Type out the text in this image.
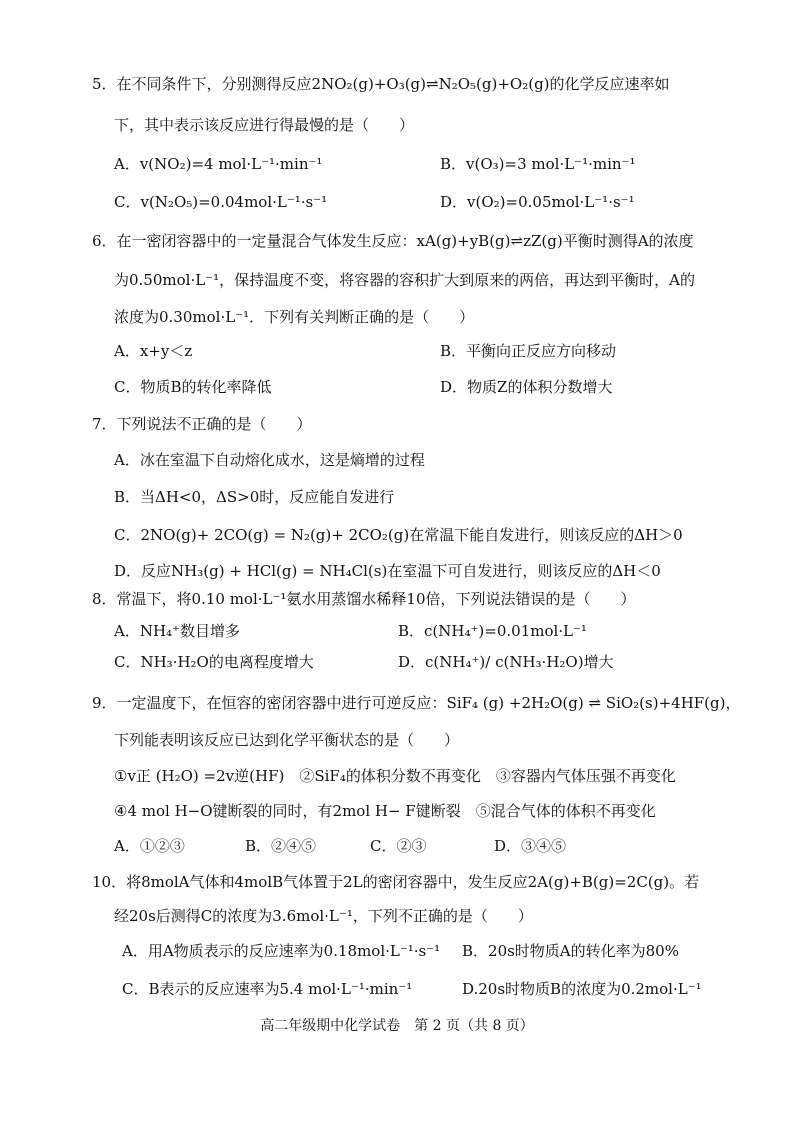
5．在不同条件下，分别测得反应2NO₂(g)+O₃(g)⇌N₂O₅(g)+O₂(g)的化学反应速率如
下，其中表示该反应进行得最慢的是（　　）
A．v(NO₂)=4 mol·L⁻¹·min⁻¹	B．v(O₃)=3 mol·L⁻¹·min⁻¹
C．v(N₂O₅)=0.04mol·L⁻¹·s⁻¹	D．v(O₂)=0.05mol·L⁻¹·s⁻¹
6．在一密闭容器中的一定量混合气体发生反应：xA(g)+yB(g)⇌zZ(g)平衡时测得A的浓度
为0.50mol·L⁻¹，保持温度不变，将容器的容积扩大到原来的两倍，再达到平衡时，A的
浓度为0.30mol·L⁻¹．下列有关判断正确的是（　　）
A．x+y＜z	B．平衡向正反应方向移动
C．物质B的转化率降低	D．物质Z的体积分数增大
7．下列说法不正确的是（　　）
A．冰在室温下自动熔化成水，这是熵增的过程
B．当ΔH<0，ΔS>0时，反应能自发进行
C．2NO(g)+ 2CO(g) = N₂(g)+ 2CO₂(g)在常温下能自发进行，则该反应的ΔH＞0
D．反应NH₃(g) + HCl(g) = NH₄Cl(s)在室温下可自发进行，则该反应的ΔH＜0
8．常温下，将0.10 mol·L⁻¹氨水用蒸馏水稀释10倍，下列说法错误的是（　　）
A．NH₄⁺数目增多	B．c(NH₄⁺)=0.01mol·L⁻¹
C．NH₃·H₂O的电离程度增大	D．c(NH₄⁺)/ c(NH₃·H₂O)增大
9．一定温度下，在恒容的密闭容器中进行可逆反应：SiF₄ (g) +2H₂O(g) ⇌ SiO₂(s)+4HF(g)，
下列能表明该反应已达到化学平衡状态的是（　　）
①v正 (H₂O) =2v逆(HF)　②SiF₄的体积分数不再变化　③容器内气体压强不再变化
④4 mol H−O键断裂的同时，有2mol H− F键断裂　⑤混合气体的体积不再变化
A．①②③	B．②④⑤	C．②③	D．③④⑤
10．将8molA气体和4molB气体置于2L的密闭容器中，发生反应2A(g)+B(g)=2C(g)。若
经20s后测得C的浓度为3.6mol·L⁻¹，下列不正确的是（　　）
A．用A物质表示的反应速率为0.18mol·L⁻¹·s⁻¹ B．20s时物质A的转化率为80%
C．B表示的反应速率为5.4 mol·L⁻¹·min⁻¹	D.20s时物质B的浓度为0.2mol·L⁻¹
高二年级期中化学试卷　第 2 页（共 8 页）
